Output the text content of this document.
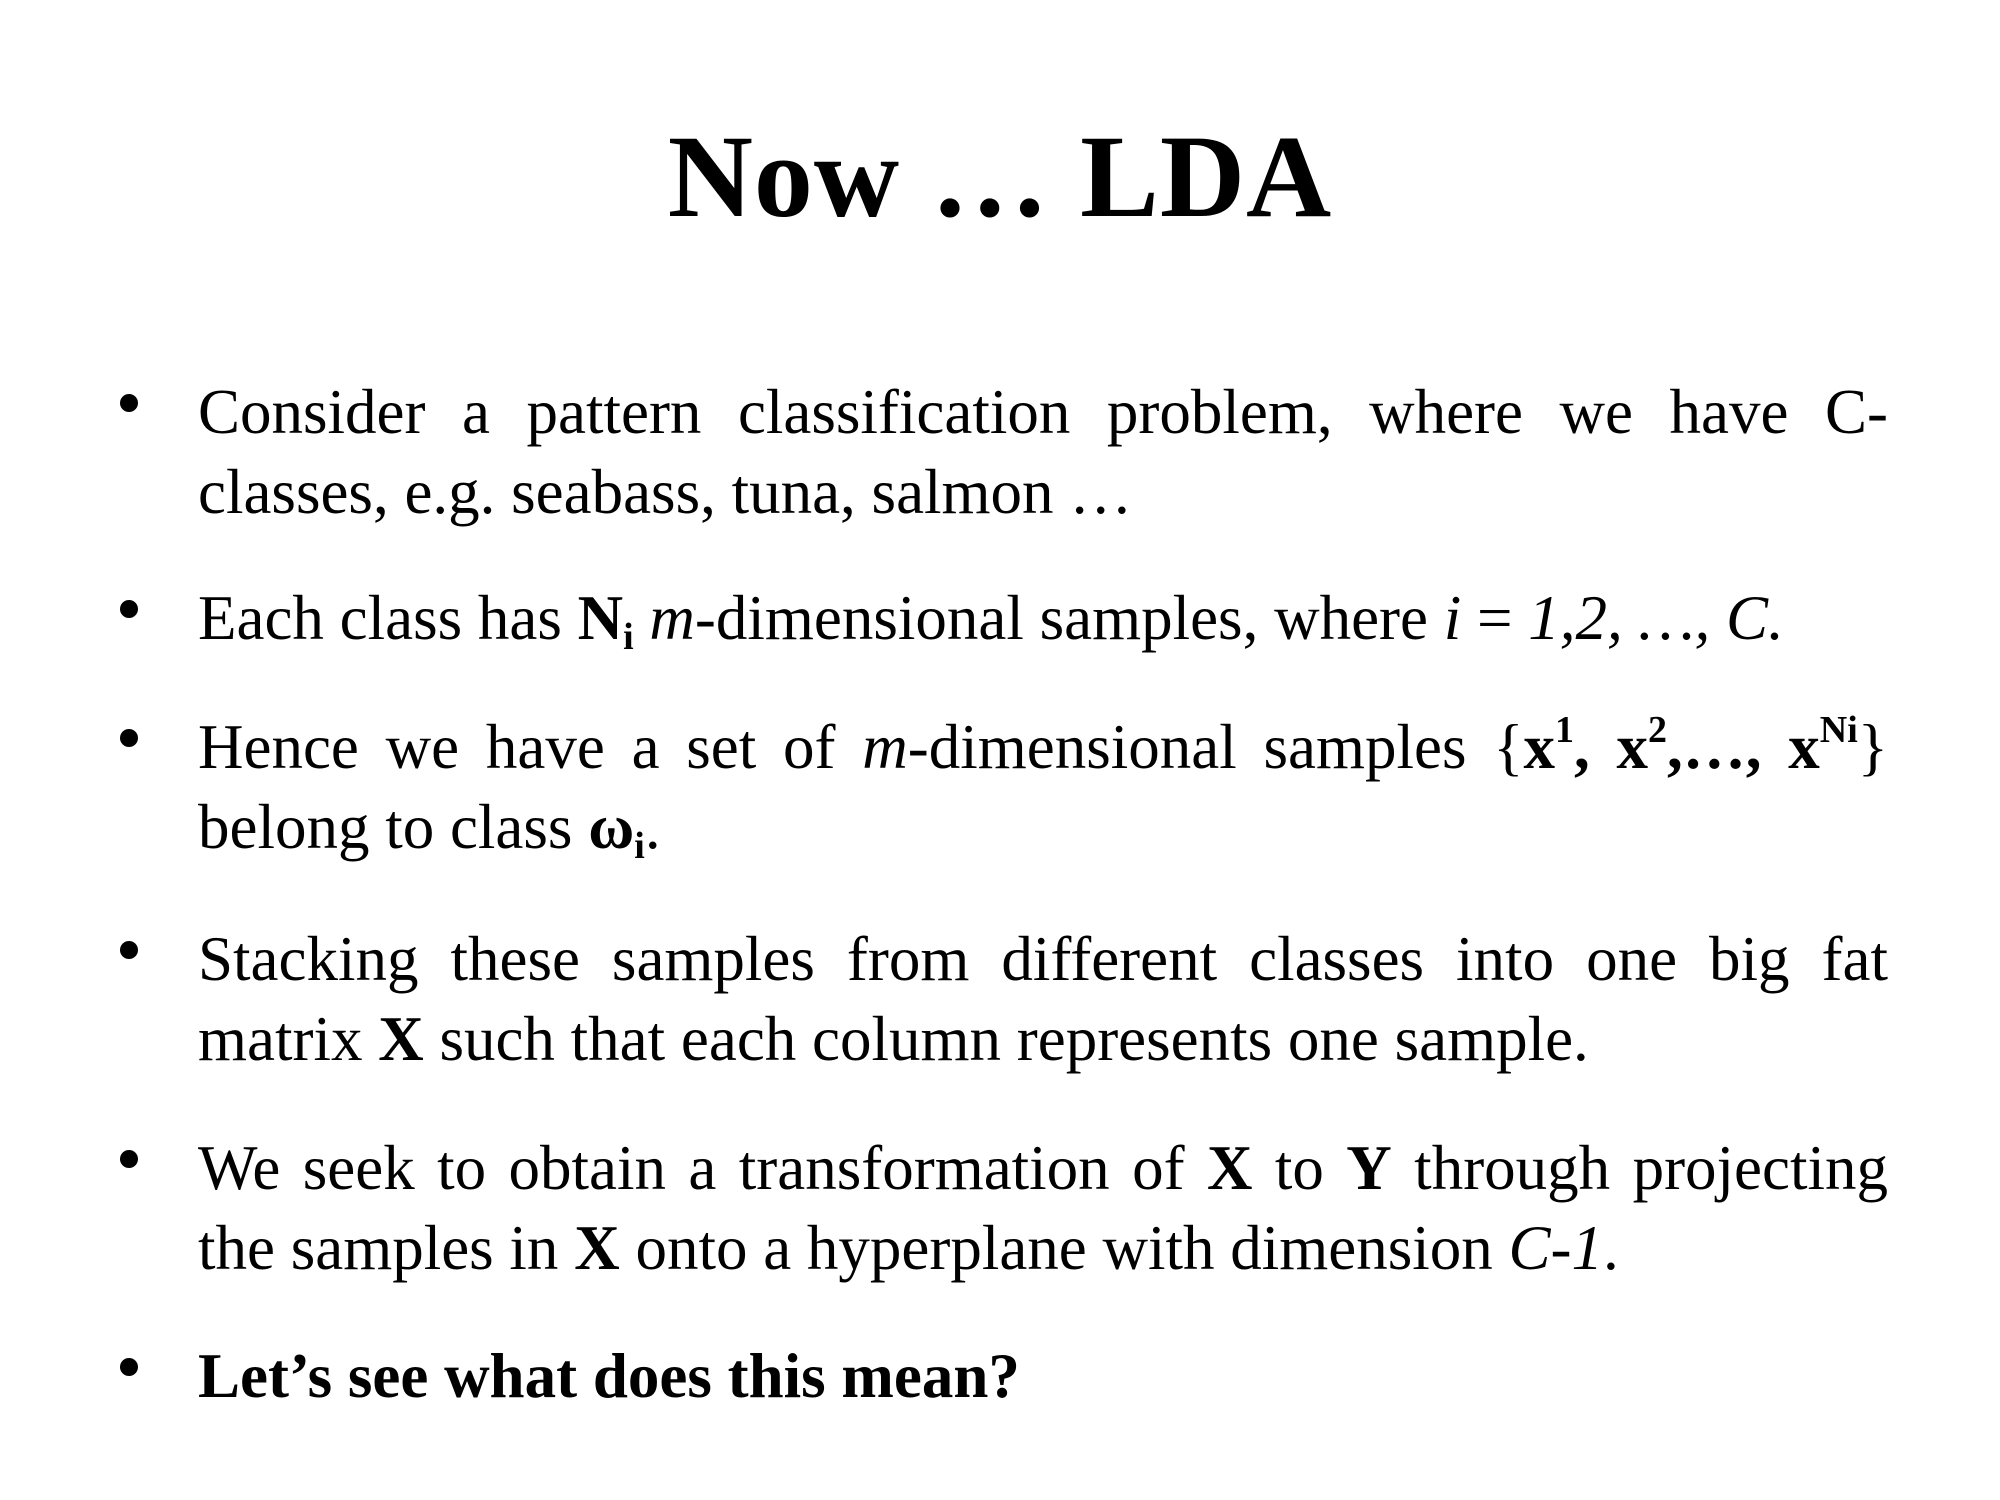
Now … LDA
Consider a pattern classification problem, where we have C-classes, e.g. seabass, tuna, salmon …
Each class has $N_i$ m-dimensional samples, where i = 1,2, …, C.
Hence we have a set of m-dimensional samples {$x^1$, $x^2,\dots$, $x^{Ni}$} belong to class $\omega_i$.
Stacking these samples from different classes into one big fat matrix X such that each column represents one sample.
We seek to obtain a transformation of X to Y through projecting the samples in X onto a hyperplane with dimension C-1.
Let’s see what does this mean?
